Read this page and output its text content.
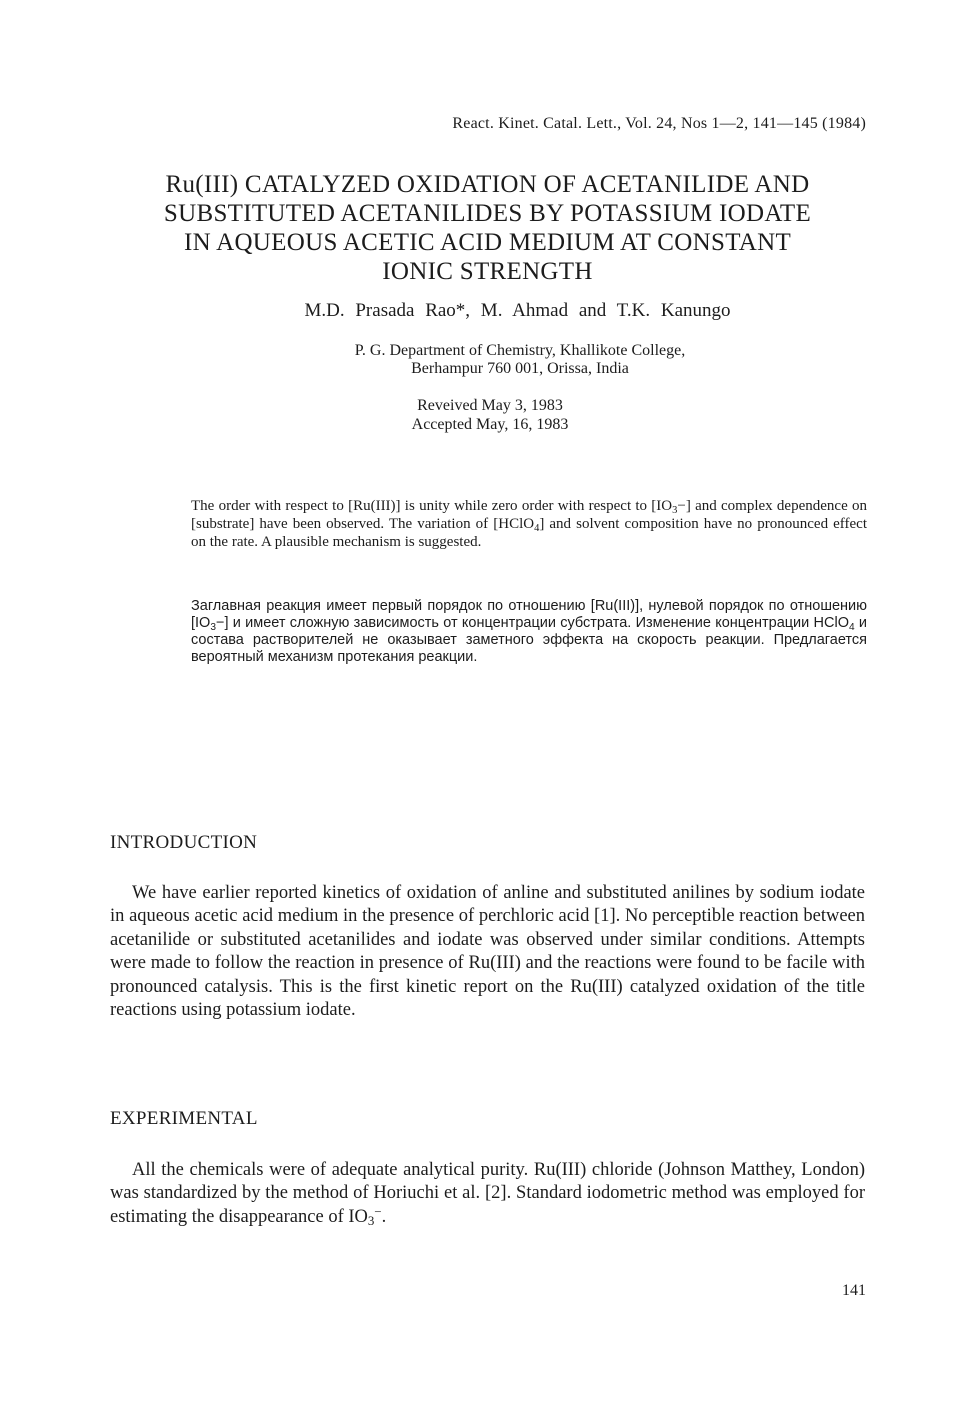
React. Kinet. Catal. Lett., Vol. 24, Nos 1—2, 141—145 (1984)
Ru(III) CATALYZED OXIDATION OF ACETANILIDE AND
SUBSTITUTED ACETANILIDES BY POTASSIUM IODATE
IN AQUEOUS ACETIC ACID MEDIUM AT CONSTANT
IONIC STRENGTH
M.D. Prasada Rao*, M. Ahmad and T.K. Kanungo
P. G. Department of Chemistry, Khallikote College,
Berhampur 760 001, Orissa, India
Reveived May 3, 1983
Accepted May, 16, 1983
The order with respect to [Ru(III)] is unity while zero order with respect to $[IO_3-]$ and complex dependence on [substrate] have been observed. The variation of [HClO$_4$] and solvent composition have no pronounced effect on the rate. A plausible mechanism is suggested.
Заглавная реакция имеет первый порядок по отношению [Ru(III)], нулевой порядок по отношению $[IO_3-]$ и имеет сложную зависимость от концентрации субстрата. Изменение концентрации HClO$_4$ и состава растворителей не оказывает заметного эффекта на скорость реакции. Предлагается вероятный механизм протекания реакции.
INTRODUCTION
We have earlier reported kinetics of oxidation of anline and substituted anilines by sodium iodate in aqueous acetic acid medium in the presence of perchloric acid [1]. No perceptible reaction between acetanilide or substituted acetanilides and iodate was observed under similar conditions. Attempts were made to follow the reaction in presence of Ru(III) and the reactions were found to be facile with pronounced catalysis. This is the first kinetic report on the Ru(III) catalyzed oxidation of the title reactions using potassium iodate.
EXPERIMENTAL
All the chemicals were of adequate analytical purity. Ru(III) chloride (Johnson Matthey, London) was standardized by the method of Horiuchi et al. [2]. Standard iodometric method was employed for estimating the disappearance of $IO_3^-$.
141
